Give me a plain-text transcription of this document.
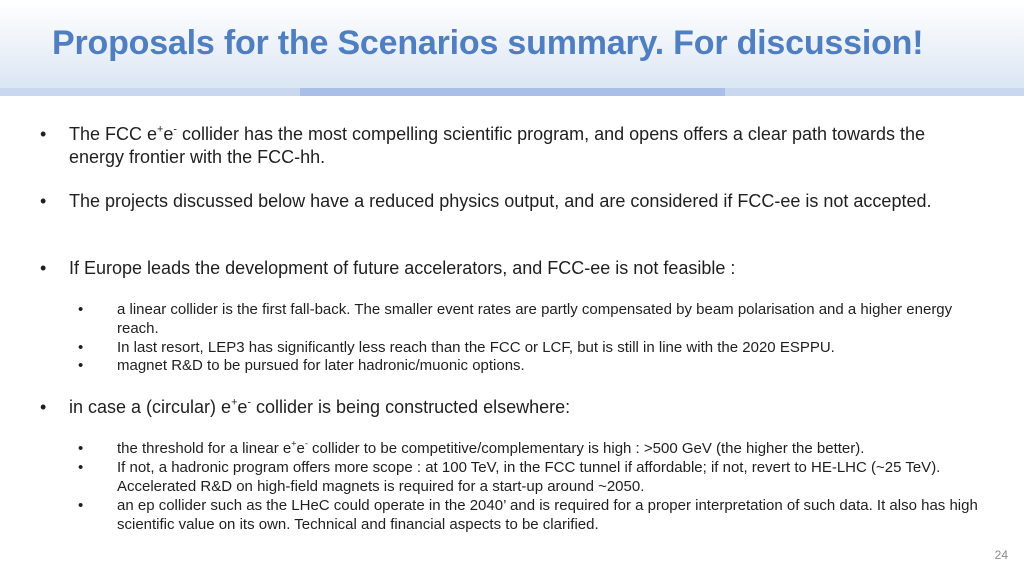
Proposals for the Scenarios summary. For discussion!
• The FCC e+e- collider has the most compelling scientific program, and opens offers a clear path towards the energy frontier with the FCC-hh.
• The projects discussed below have a reduced physics output, and are considered if FCC-ee is not accepted.
• If Europe leads the development of future accelerators, and FCC-ee is not feasible :
• a linear collider is the first fall-back. The smaller event rates are partly compensated by beam polarisation and a higher energy reach.
• In last resort, LEP3 has significantly less reach than the FCC or LCF, but is still in line with the 2020 ESPPU.
• magnet R&D to be pursued for later hadronic/muonic options.
• in case a (circular) e+e- collider is being constructed elsewhere:
• the threshold for a linear e+e- collider to be competitive/complementary is high : >500 GeV (the higher the better).
• If not, a hadronic program offers more scope : at 100 TeV, in the FCC tunnel if affordable; if not, revert to HE-LHC (~25 TeV). Accelerated R&D on high-field magnets is required for a start-up around ~2050.
• an ep collider such as the LHeC could operate in the 2040’ and is required for a proper interpretation of such data. It also has high scientific value on its own. Technical and financial aspects to be clarified.
24
